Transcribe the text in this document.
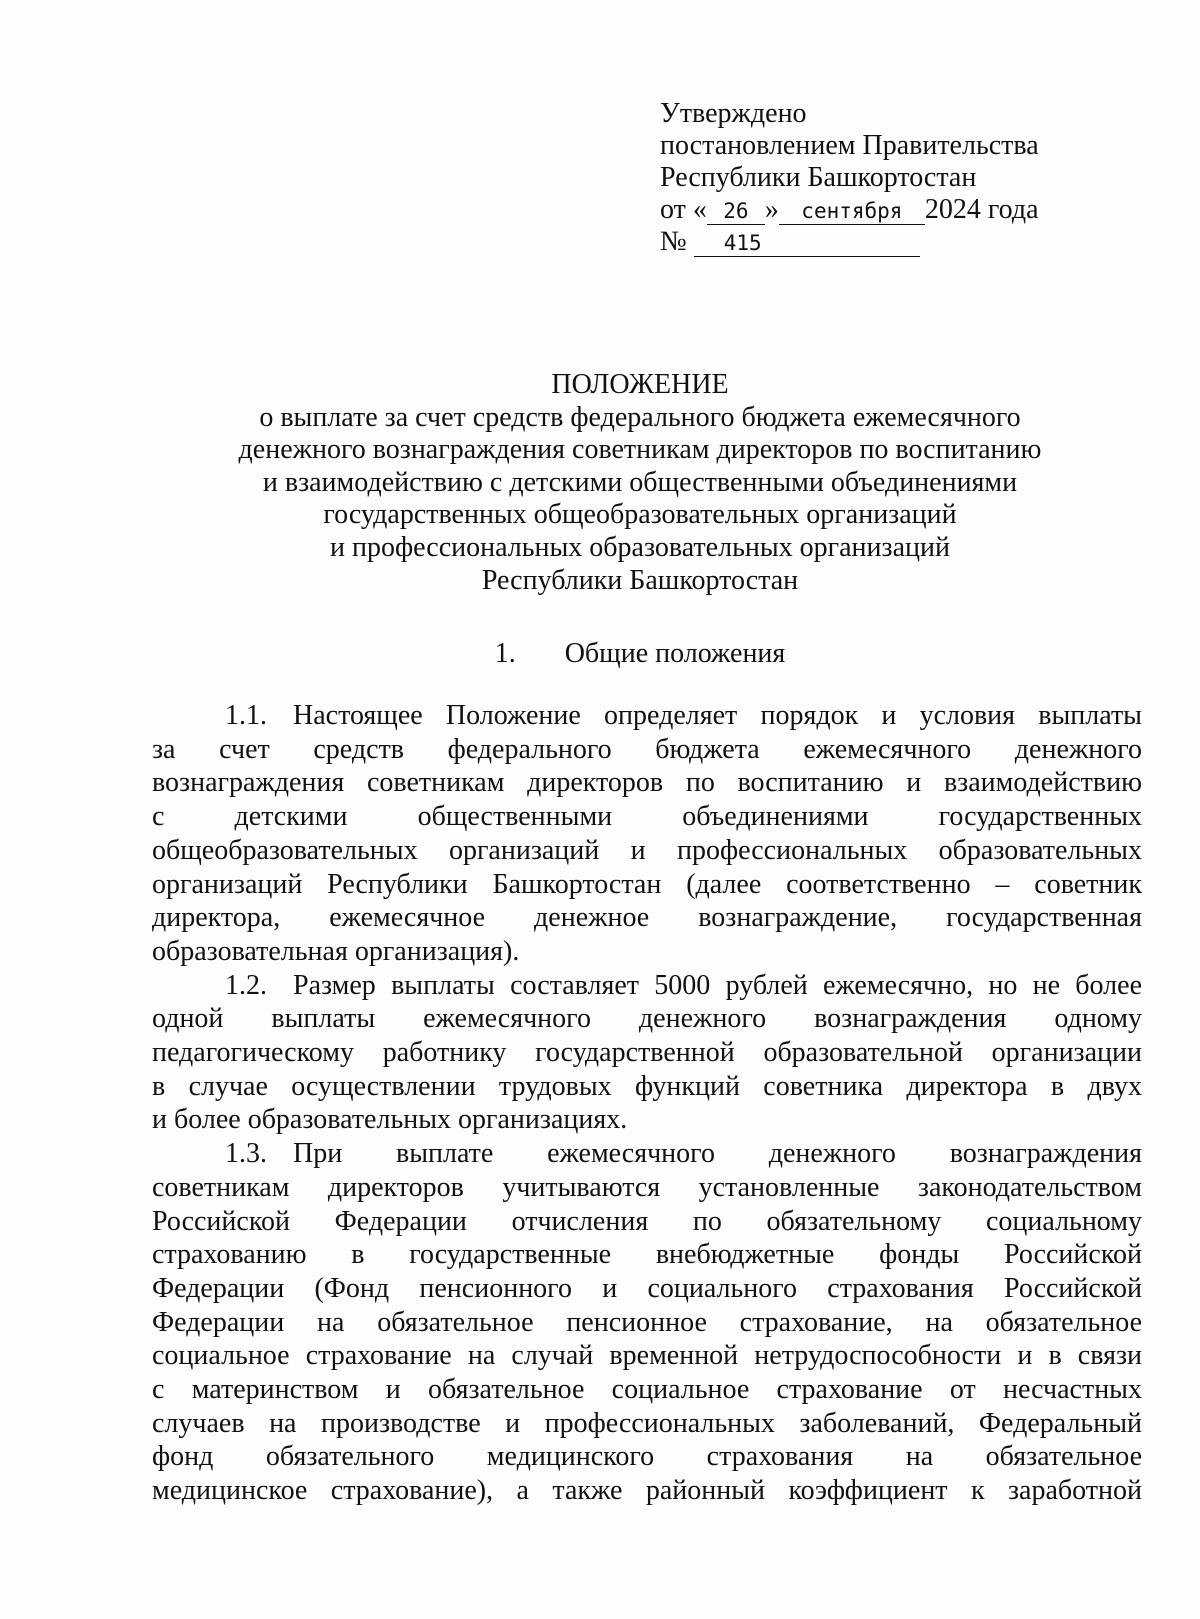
Утверждено
постановлением Правительства
Республики Башкортостан
от « 26 » сентября 2024 года
№ 415
ПОЛОЖЕНИЕ
о выплате за счет средств федерального бюджета ежемесячного
денежного вознаграждения советникам директоров по воспитанию
и взаимодействию с детскими общественными объединениями
государственных общеобразовательных организаций
и профессиональных образовательных организаций
Республики Башкортостан
1. Общие положения
1.1. Настоящее Положение определяет порядок и условия выплаты
за счет средств федерального бюджета ежемесячного денежного
вознаграждения советникам директоров по воспитанию и взаимодействию
с детскими общественными объединениями государственных
общеобразовательных организаций и профессиональных образовательных
организаций Республики Башкортостан (далее соответственно – советник
директора, ежемесячное денежное вознаграждение, государственная
образовательная организация).
1.2. Размер выплаты составляет 5000 рублей ежемесячно, но не более
одной выплаты ежемесячного денежного вознаграждения одному
педагогическому работнику государственной образовательной организации
в случае осуществлении трудовых функций советника директора в двух
и более образовательных организациях.
1.3. При выплате ежемесячного денежного вознаграждения
советникам директоров учитываются установленные законодательством
Российской Федерации отчисления по обязательному социальному
страхованию в государственные внебюджетные фонды Российской
Федерации (Фонд пенсионного и социального страхования Российской
Федерации на обязательное пенсионное страхование, на обязательное
социальное страхование на случай временной нетрудоспособности и в связи
с материнством и обязательное социальное страхование от несчастных
случаев на производстве и профессиональных заболеваний, Федеральный
фонд обязательного медицинского страхования на обязательное
медицинское страхование), а также районный коэффициент к заработной
